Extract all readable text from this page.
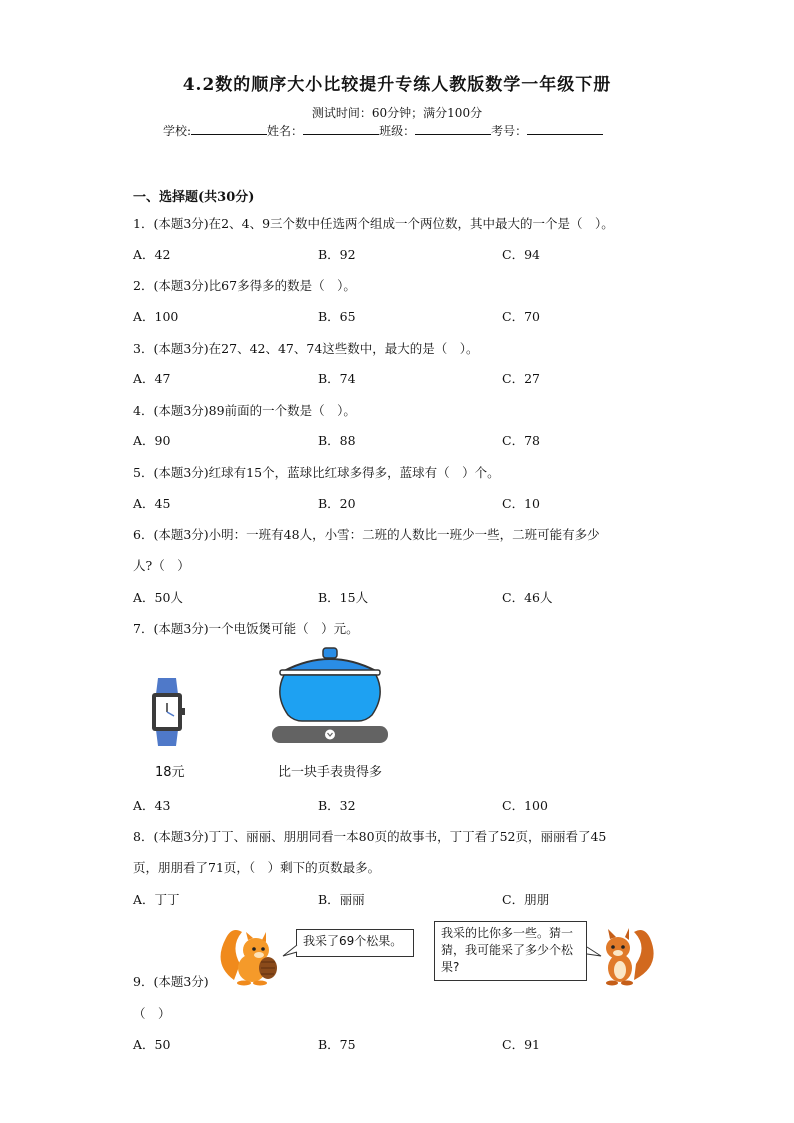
4.2数的顺序大小比较提升专练人教版数学一年级下册
测试时间：60分钟；满分100分
学校:	姓名：	班级：	考号：
一、选择题(共30分)
1．(本题3分)在2、4、9三个数中任选两个组成一个两位数，其中最大的一个是（　）。
A．42	B．92	C．94
2．(本题3分)比67多得多的数是（　）。
A．100	B．65	C．70
3．(本题3分)在27、42、47、74这些数中，最大的是（　）。
A．47	B．74	C．27
4．(本题3分)89前面的一个数是（　）。
A．90	B．88	C．78
5．(本题3分)红球有15个，蓝球比红球多得多，蓝球有（　）个。
A．45	B．20	C．10
6．(本题3分)小明：一班有48人，小雪：二班的人数比一班少一些，二班可能有多少
人?（　）
A．50人	B．15人	C．46人
7．(本题3分)一个电饭煲可能（　）元。
18元	比一块手表贵得多
A．43	B．32	C．100
8．(本题3分)丁丁、丽丽、朋朋同看一本80页的故事书，丁丁看了52页，丽丽看了45
页，朋朋看了71页，（　）剩下的页数最多。
A．丁丁	B．丽丽	C．朋朋
我采了69个松果。
我采的比你多一些。猜一猜，我可能采了多少个松果?
9．(本题3分)
（　）
A．50	B．75	C．91
